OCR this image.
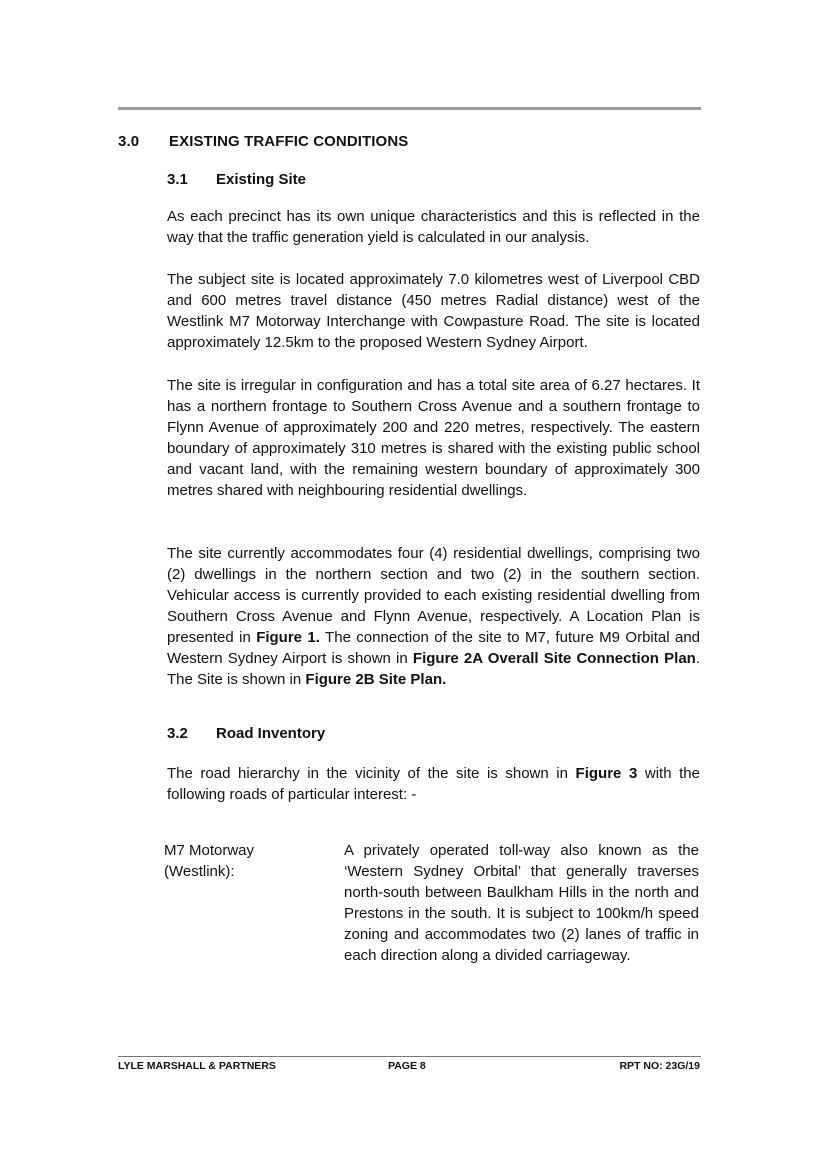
3.0 EXISTING TRAFFIC CONDITIONS
3.1 Existing Site

As each precinct has its own unique characteristics and this is reflected in the way that the traffic generation yield is calculated in our analysis.

The subject site is located approximately 7.0 kilometres west of Liverpool CBD and 600 metres travel distance (450 metres Radial distance) west of the Westlink M7 Motorway Interchange with Cowpasture Road. The site is located approximately 12.5km to the proposed Western Sydney Airport.

The site is irregular in configuration and has a total site area of 6.27 hectares. It has a northern frontage to Southern Cross Avenue and a southern frontage to Flynn Avenue of approximately 200 and 220 metres, respectively. The eastern boundary of approximately 310 metres is shared with the existing public school and vacant land, with the remaining western boundary of approximately 300 metres shared with neighbouring residential dwellings.

The site currently accommodates four (4) residential dwellings, comprising two (2) dwellings in the northern section and two (2) in the southern section. Vehicular access is currently provided to each existing residential dwelling from Southern Cross Avenue and Flynn Avenue, respectively. A Location Plan is presented in Figure 1. The connection of the site to M7, future M9 Orbital and Western Sydney Airport is shown in Figure 2A Overall Site Connection Plan. The Site is shown in Figure 2B Site Plan.

3.2 Road Inventory

The road hierarchy in the vicinity of the site is shown in Figure 3 with the following roads of particular interest: -

M7 Motorway
(Westlink):
A privately operated toll-way also known as the ‘Western Sydney Orbital’ that generally traverses north-south between Baulkham Hills in the north and Prestons in the south. It is subject to 100km/h speed zoning and accommodates two (2) lanes of traffic in each direction along a divided carriageway.
LYLE MARSHALL & PARTNERS	PAGE 8	RPT NO: 23G/19
